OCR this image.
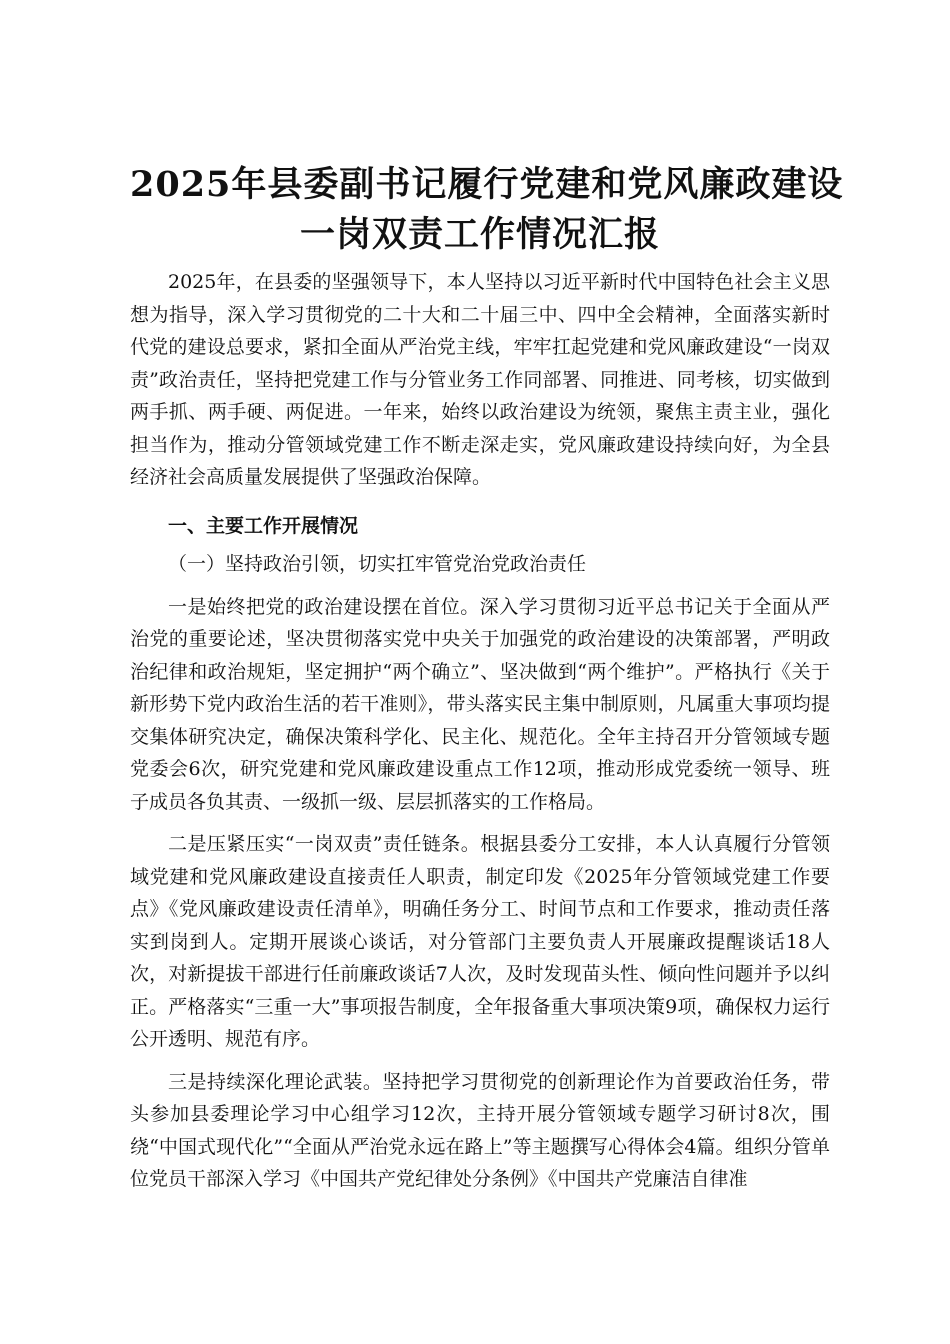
2025年县委副书记履行党建和党风廉政建设
一岗双责工作情况汇报

2025年，在县委的坚强领导下，本人坚持以习近平新时代中国特色社会主义思想为指导，深入学习贯彻党的二十大和二十届三中、四中全会精神，全面落实新时代党的建设总要求，紧扣全面从严治党主线，牢牢扛起党建和党风廉政建设“一岗双责”政治责任，坚持把党建工作与分管业务工作同部署、同推进、同考核，切实做到两手抓、两手硬、两促进。一年来，始终以政治建设为统领，聚焦主责主业，强化担当作为，推动分管领域党建工作不断走深走实，党风廉政建设持续向好，为全县经济社会高质量发展提供了坚强政治保障。

一、主要工作开展情况

（一）坚持政治引领，切实扛牢管党治党政治责任

一是始终把党的政治建设摆在首位。深入学习贯彻习近平总书记关于全面从严治党的重要论述，坚决贯彻落实党中央关于加强党的政治建设的决策部署，严明政治纪律和政治规矩，坚定拥护“两个确立”、坚决做到“两个维护”。严格执行《关于新形势下党内政治生活的若干准则》，带头落实民主集中制原则，凡属重大事项均提交集体研究决定，确保决策科学化、民主化、规范化。全年主持召开分管领域专题党委会6次，研究党建和党风廉政建设重点工作12项，推动形成党委统一领导、班子成员各负其责、一级抓一级、层层抓落实的工作格局。

二是压紧压实“一岗双责”责任链条。根据县委分工安排，本人认真履行分管领域党建和党风廉政建设直接责任人职责，制定印发《2025年分管领域党建工作要点》《党风廉政建设责任清单》，明确任务分工、时间节点和工作要求，推动责任落实到岗到人。定期开展谈心谈话，对分管部门主要负责人开展廉政提醒谈话18人次，对新提拔干部进行任前廉政谈话7人次，及时发现苗头性、倾向性问题并予以纠正。严格落实“三重一大”事项报告制度，全年报备重大事项决策9项，确保权力运行公开透明、规范有序。

三是持续深化理论武装。坚持把学习贯彻党的创新理论作为首要政治任务，带头参加县委理论学习中心组学习12次，主持开展分管领域专题学习研讨8次，围绕“中国式现代化”“全面从严治党永远在路上”等主题撰写心得体会4篇。组织分管单位党员干部深入学习《中国共产党纪律处分条例》《中国共产党廉洁自律准
